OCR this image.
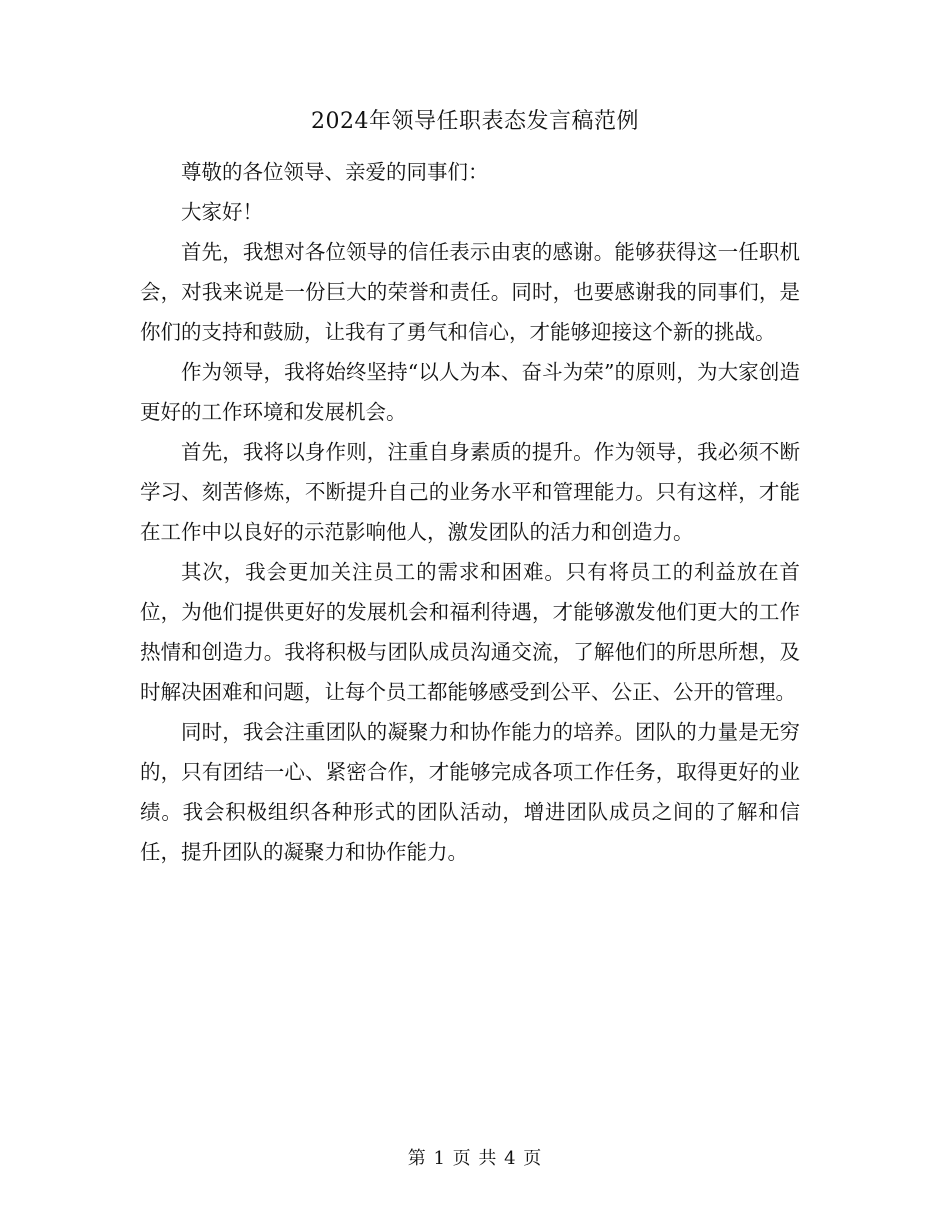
2024年领导任职表态发言稿范例

尊敬的各位领导、亲爱的同事们：

大家好！

首先，我想对各位领导的信任表示由衷的感谢。能够获得这一任职机会，对我来说是一份巨大的荣誉和责任。同时，也要感谢我的同事们，是你们的支持和鼓励，让我有了勇气和信心，才能够迎接这个新的挑战。

作为领导，我将始终坚持“以人为本、奋斗为荣”的原则，为大家创造更好的工作环境和发展机会。

首先，我将以身作则，注重自身素质的提升。作为领导，我必须不断学习、刻苦修炼，不断提升自己的业务水平和管理能力。只有这样，才能在工作中以良好的示范影响他人，激发团队的活力和创造力。

其次，我会更加关注员工的需求和困难。只有将员工的利益放在首位，为他们提供更好的发展机会和福利待遇，才能够激发他们更大的工作热情和创造力。我将积极与团队成员沟通交流，了解他们的所思所想，及时解决困难和问题，让每个员工都能够感受到公平、公正、公开的管理。

同时，我会注重团队的凝聚力和协作能力的培养。团队的力量是无穷的，只有团结一心、紧密合作，才能够完成各项工作任务，取得更好的业绩。我会积极组织各种形式的团队活动，增进团队成员之间的了解和信任，提升团队的凝聚力和协作能力。

第 1 页 共 4 页
